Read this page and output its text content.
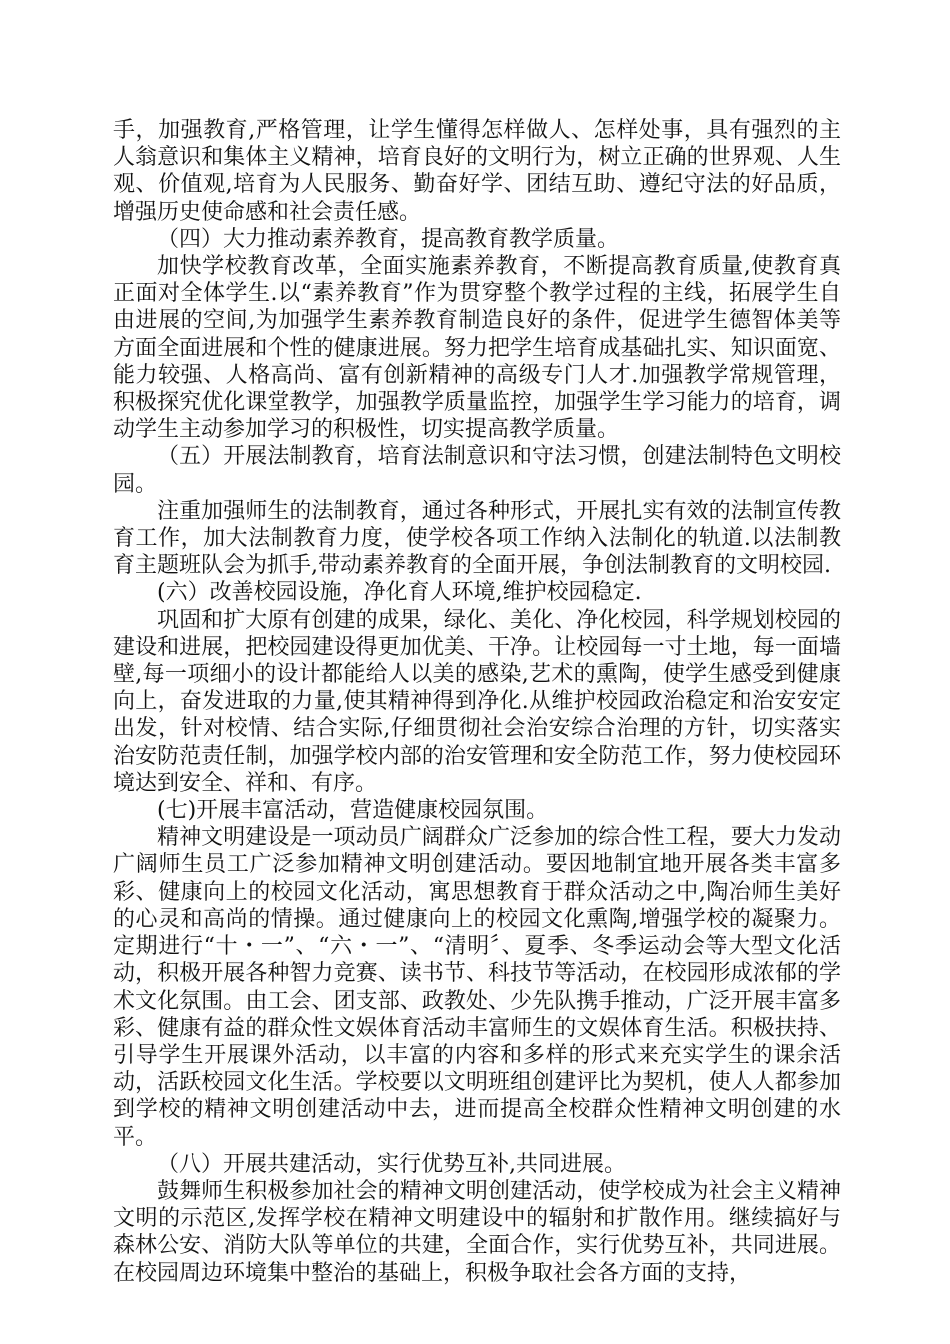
手，加强教育,严格管理，让学生懂得怎样做人、怎样处事，具有强烈的主人翁意识和集体主义精神，培育良好的文明行为，树立正确的世界观、人生观、价值观,培育为人民服务、勤奋好学、团结互助、遵纪守法的好品质，增强历史使命感和社会责任感。

（四）大力推动素养教育，提高教育教学质量。

加快学校教育改革，全面实施素养教育，不断提高教育质量,使教育真正面对全体学生.以“素养教育”作为贯穿整个教学过程的主线，拓展学生自由进展的空间,为加强学生素养教育制造良好的条件，促进学生德智体美等方面全面进展和个性的健康进展。努力把学生培育成基础扎实、知识面宽、能力较强、人格高尚、富有创新精神的高级专门人才.加强教学常规管理，积极探究优化课堂教学，加强教学质量监控，加强学生学习能力的培育，调动学生主动参加学习的积极性，切实提高教学质量。

（五）开展法制教育，培育法制意识和守法习惯，创建法制特色文明校园。

注重加强师生的法制教育，通过各种形式，开展扎实有效的法制宣传教育工作，加大法制教育力度，使学校各项工作纳入法制化的轨道.以法制教育主题班队会为抓手,带动素养教育的全面开展，争创法制教育的文明校园.

(六）改善校园设施，净化育人环境,维护校园稳定.

巩固和扩大原有创建的成果，绿化、美化、净化校园，科学规划校园的建设和进展，把校园建设得更加优美、干净。让校园每一寸土地，每一面墙壁,每一项细小的设计都能给人以美的感染,艺术的熏陶，使学生感受到健康向上，奋发进取的力量,使其精神得到净化.从维护校园政治稳定和治安安定出发，针对校情、结合实际,仔细贯彻社会治安综合治理的方针，切实落实治安防范责任制，加强学校内部的治安管理和安全防范工作，努力使校园环境达到安全、祥和、有序。

(七)开展丰富活动，营造健康校园氛围。

精神文明建设是一项动员广阔群众广泛参加的综合性工程，要大力发动广阔师生员工广泛参加精神文明创建活动。要因地制宜地开展各类丰富多彩、健康向上的校园文化活动，寓思想教育于群众活动之中,陶冶师生美好的心灵和高尚的情操。通过健康向上的校园文化熏陶,增强学校的凝聚力。定期进行“十・一”、“六・一”、“清明〞、夏季、冬季运动会等大型文化活动，积极开展各种智力竞赛、读书节、科技节等活动，在校园形成浓郁的学术文化氛围。由工会、团支部、政教处、少先队携手推动，广泛开展丰富多彩、健康有益的群众性文娱体育活动丰富师生的文娱体育生活。积极扶持、引导学生开展课外活动，以丰富的内容和多样的形式来充实学生的课余活动，活跃校园文化生活。学校要以文明班组创建评比为契机，使人人都参加到学校的精神文明创建活动中去，进而提高全校群众性精神文明创建的水平。

（八）开展共建活动，实行优势互补,共同进展。

鼓舞师生积极参加社会的精神文明创建活动，使学校成为社会主义精神文明的示范区,发挥学校在精神文明建设中的辐射和扩散作用。继续搞好与森林公安、消防大队等单位的共建，全面合作，实行优势互补，共同进展。在校园周边环境集中整治的基础上，积极争取社会各方面的支持，
